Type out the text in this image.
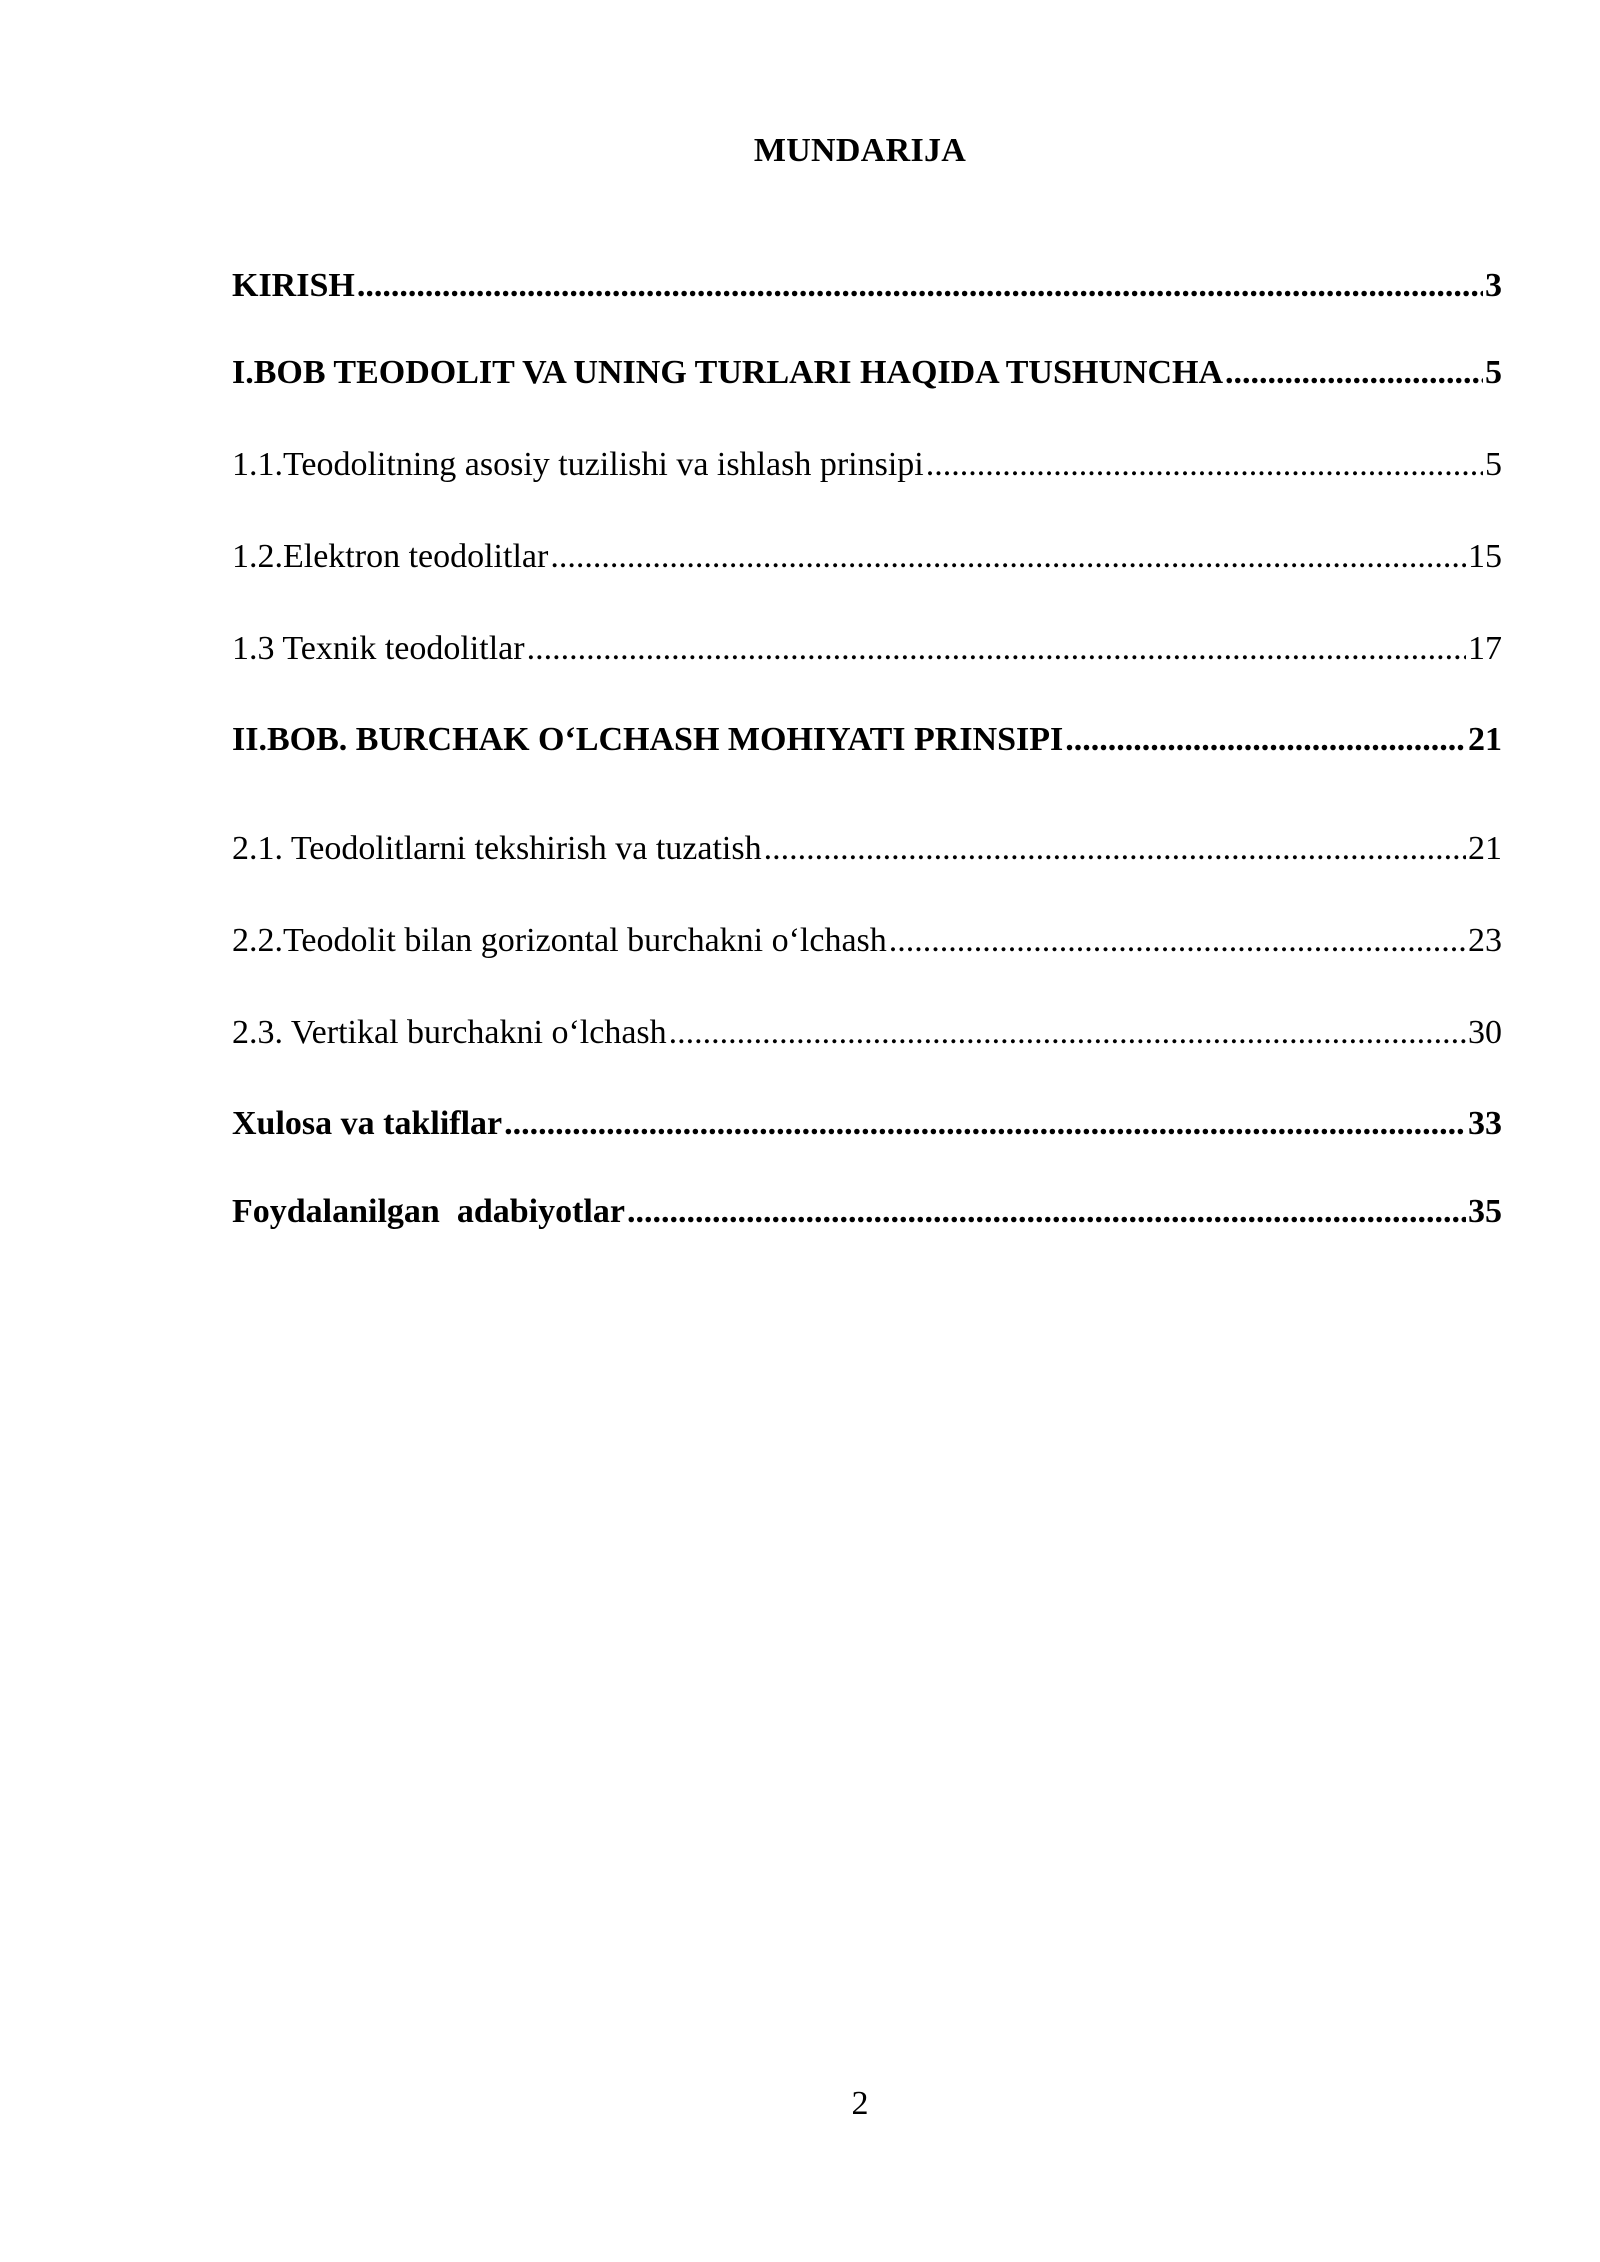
MUNDARIJA
KIRISH .....	3
I.BOB TEODOLIT VA UNING TURLARI HAQIDA TUSHUNCHA .....	5
1.1.Teodolitning asosiy tuzilishi va ishlash prinsipi .....	5
1.2.Elektron teodolitlar .....	15
1.3 Texnik teodolitlar .....	17
II.BOB. BURCHAK O‘LCHASH MOHIYATI PRINSIPI .....	21
2.1. Teodolitlarni tekshirish va tuzatish .....	21
2.2.Teodolit bilan gorizontal burchakni o‘lchash .....	23
2.3. Vertikal burchakni o‘lchash .....	30
Xulosa va takliflar .....	33
Foydalanilgan  adabiyotlar .....	35
2
